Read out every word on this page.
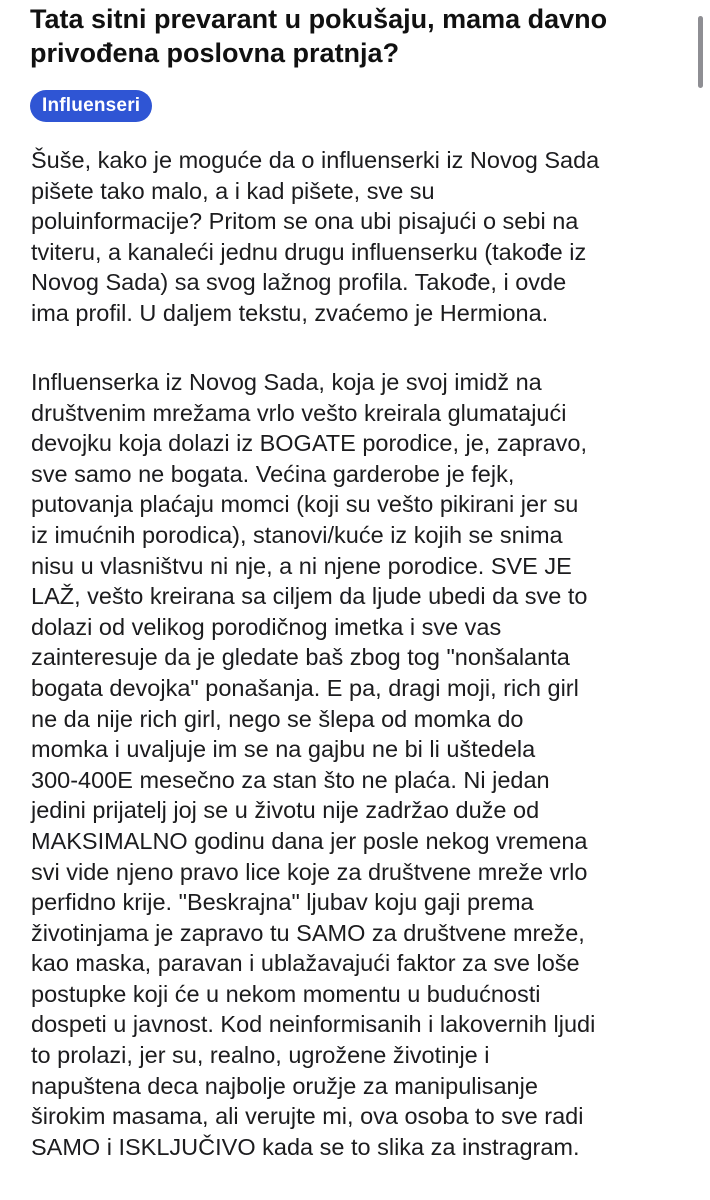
Tata sitni prevarant u pokušaju, mama davno
privođena poslovna pratnja?
Influenseri
Šuše, kako je moguće da o influenserki iz Novog Sada
pišete tako malo, a i kad pišete, sve su
poluinformacije? Pritom se ona ubi pisajući o sebi na
tviteru, a kanalеći jednu drugu influenserku (takođe iz
Novog Sada) sa svog lažnog profila. Takođe, i ovde
ima profil. U daljem tekstu, zvaćemo je Hermiona.
Influenserka iz Novog Sada, koja je svoj imidž na
društvenim mrežama vrlo vešto kreirala glumatajući
devojku koja dolazi iz BOGATE porodice, je, zapravo,
sve samo ne bogata. Većina garderobe je fejk,
putovanja plaćaju momci (koji su vešto pikirani jer su
iz imućnih porodica), stanovi/kuće iz kojih se snima
nisu u vlasništvu ni nje, a ni njene porodice. SVE JE
LAŽ, vešto kreirana sa ciljem da ljude ubedi da sve to
dolazi od velikog porodičnog imetka i sve vas
zainteresuje da je gledate baš zbog tog "nonšalanta
bogata devojka" ponašanja. E pa, dragi moji, rich girl
ne da nije rich girl, nego se šlepa od momka do
momka i uvaljuje im se na gajbu ne bi li uštedela
300-400E mesečno za stan što ne plaća. Ni jedan
jedini prijatelj joj se u životu nije zadržao duže od
MAKSIMALNO godinu dana jer posle nekog vremena
svi vide njeno pravo lice koje za društvene mreže vrlo
perfidno krije. "Beskrajna" ljubav koju gaji prema
životinjama je zapravo tu SAMO za društvene mreže,
kao maska, paravan i ublažavajući faktor za sve loše
postupke koji će u nekom momentu u budućnosti
dospeti u javnost. Kod neinformisanih i lakovernih ljudi
to prolazi, jer su, realno, ugrožene životinje i
napuštena deca najbolje oružje za manipulisanje
širokim masama, ali verujte mi, ova osoba to sve radi
SAMO i ISKLJUČIVO kada se to slika za instragram.
